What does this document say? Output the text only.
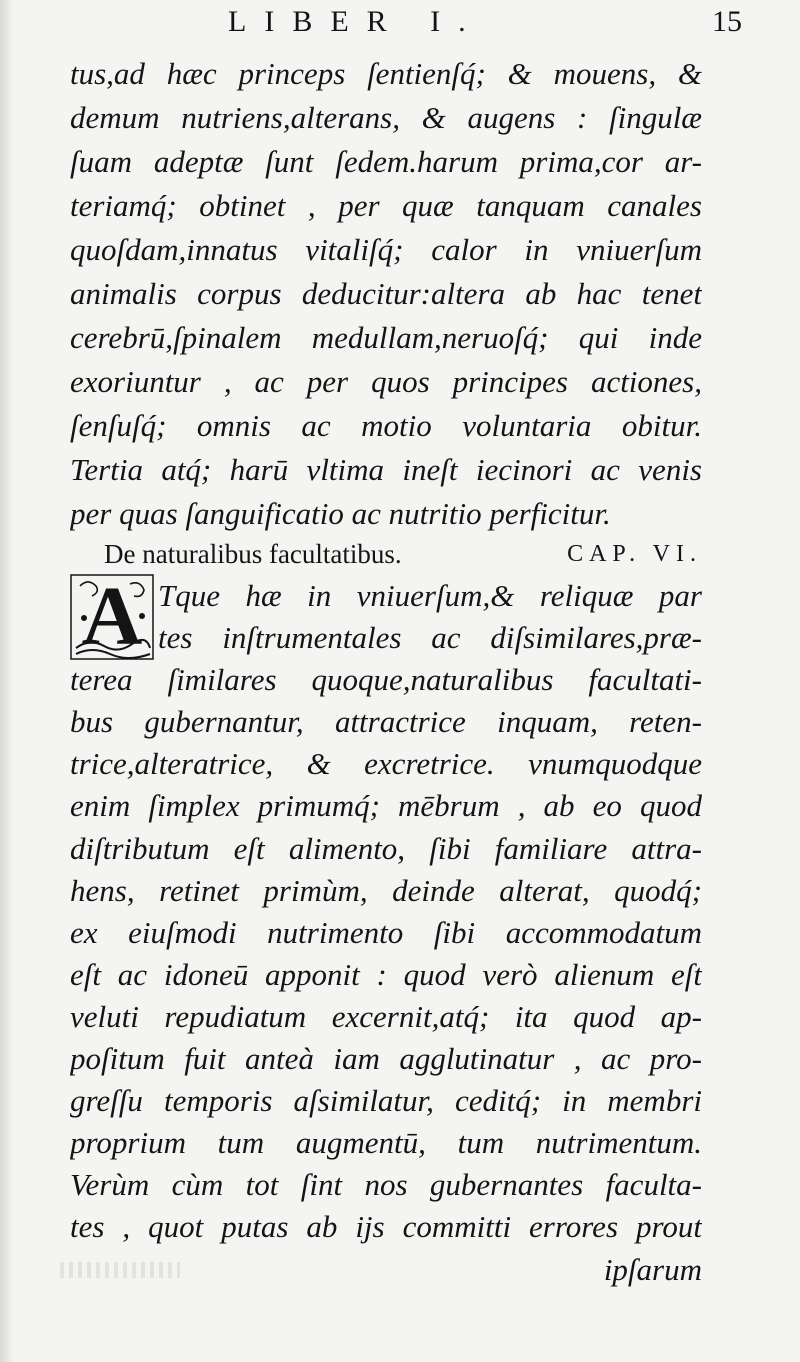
LIBER I.	15
tus,ad hæc princeps ſentienſq́; & mouens, &
demum nutriens,alterans, & augens : ſingulæ
ſuam adeptæ ſunt ſedem.harum prima,cor ar-
teriamq́; obtinet , per quæ tanquam canales
quoſdam,innatus vitaliſq́; calor in vniuerſum
animalis corpus deducitur:altera ab hac tenet
cerebrū,ſpinalem medullam,neruoſq́; qui inde
exoriuntur , ac per quos principes actiones,
ſenſuſq́; omnis ac motio voluntaria obitur.
Tertia atq́; harū vltima ineſt iecinori ac venis
per quas ſanguificatio ac nutritio perficitur.
De naturalibus facultatibus.	CAP. VI.
A Tque hæ in vniuerſum,& reliquæ par
tes inſtrumentales ac diſsimilares,præ-
terea ſimilares quoque,naturalibus facultati-
bus gubernantur, attractrice inquam, reten-
trice,alteratrice, & excretrice. vnumquodque
enim ſimplex primumq́; mēbrum , ab eo quod
diſtributum eſt alimento, ſibi familiare attra-
hens, retinet primùm, deinde alterat, quodq́;
ex eiuſmodi nutrimento ſibi accommodatum
eſt ac idoneū apponit : quod verò alienum eſt
veluti repudiatum excernit,atq́; ita quod ap-
poſitum fuit anteà iam agglutinatur , ac pro-
greſſu temporis aſsimilatur, ceditq́; in membri
proprium tum augmentū, tum nutrimentum.
Verùm cùm tot ſint nos gubernantes faculta-
tes , quot putas ab ijs committi errores prout
ipſarum
